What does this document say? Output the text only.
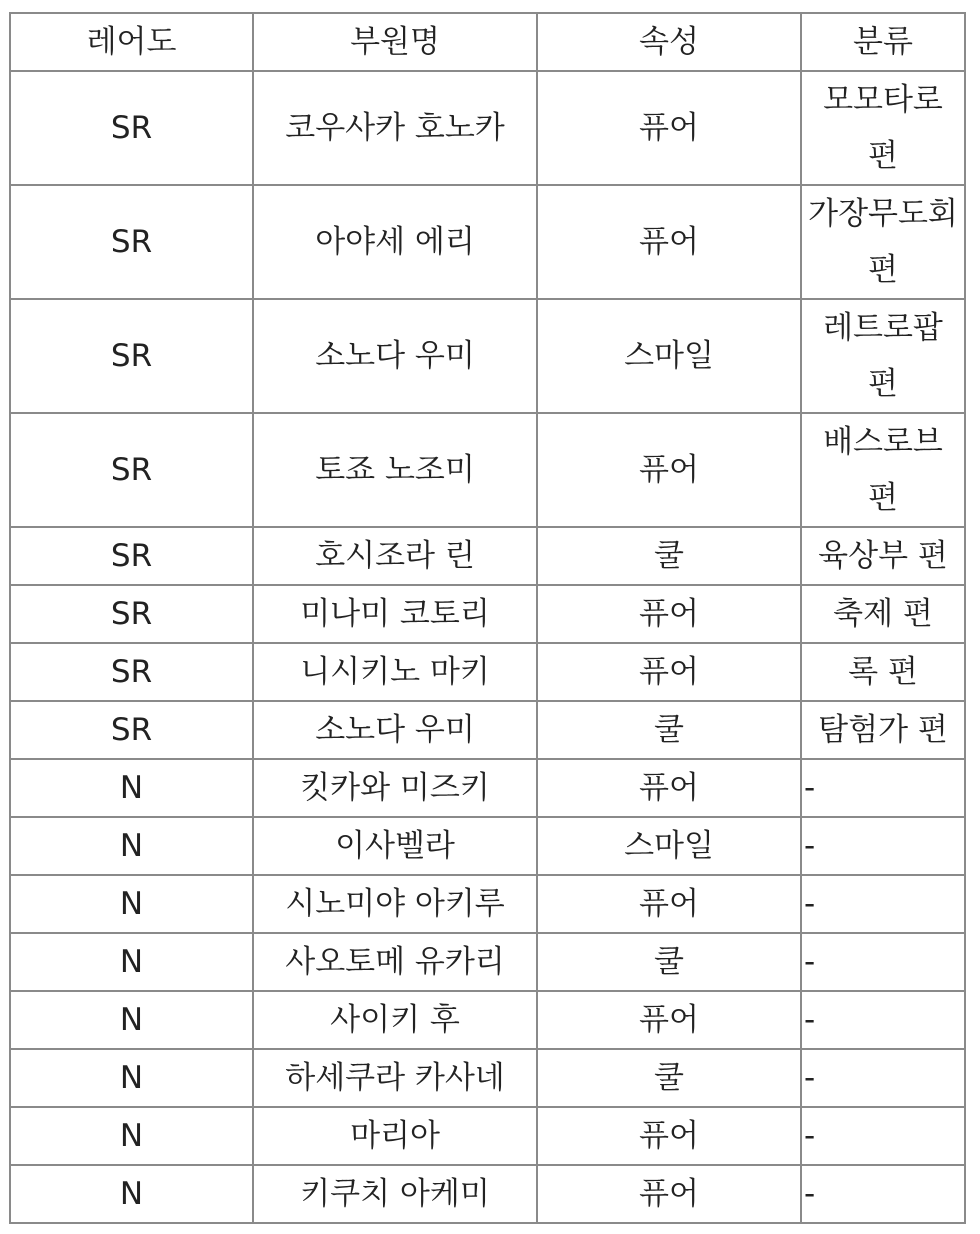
레어도	부원명	속성	분류
SR	코우사카 호노카	퓨어	모모타로 편
SR	아야세 에리	퓨어	가장무도회 편
SR	소노다 우미	스마일	레트로팝 편
SR	토죠 노조미	퓨어	배스로브 편
SR	호시조라 린	쿨	육상부 편
SR	미나미 코토리	퓨어	축제 편
SR	니시키노 마키	퓨어	록 편
SR	소노다 우미	쿨	탐험가 편
N	킷카와 미즈키	퓨어	-
N	이사벨라	스마일	-
N	시노미야 아키루	퓨어	-
N	사오토메 유카리	쿨	-
N	사이키 후	퓨어	-
N	하세쿠라 카사네	쿨	-
N	마리아	퓨어	-
N	키쿠치 아케미	퓨어	-
